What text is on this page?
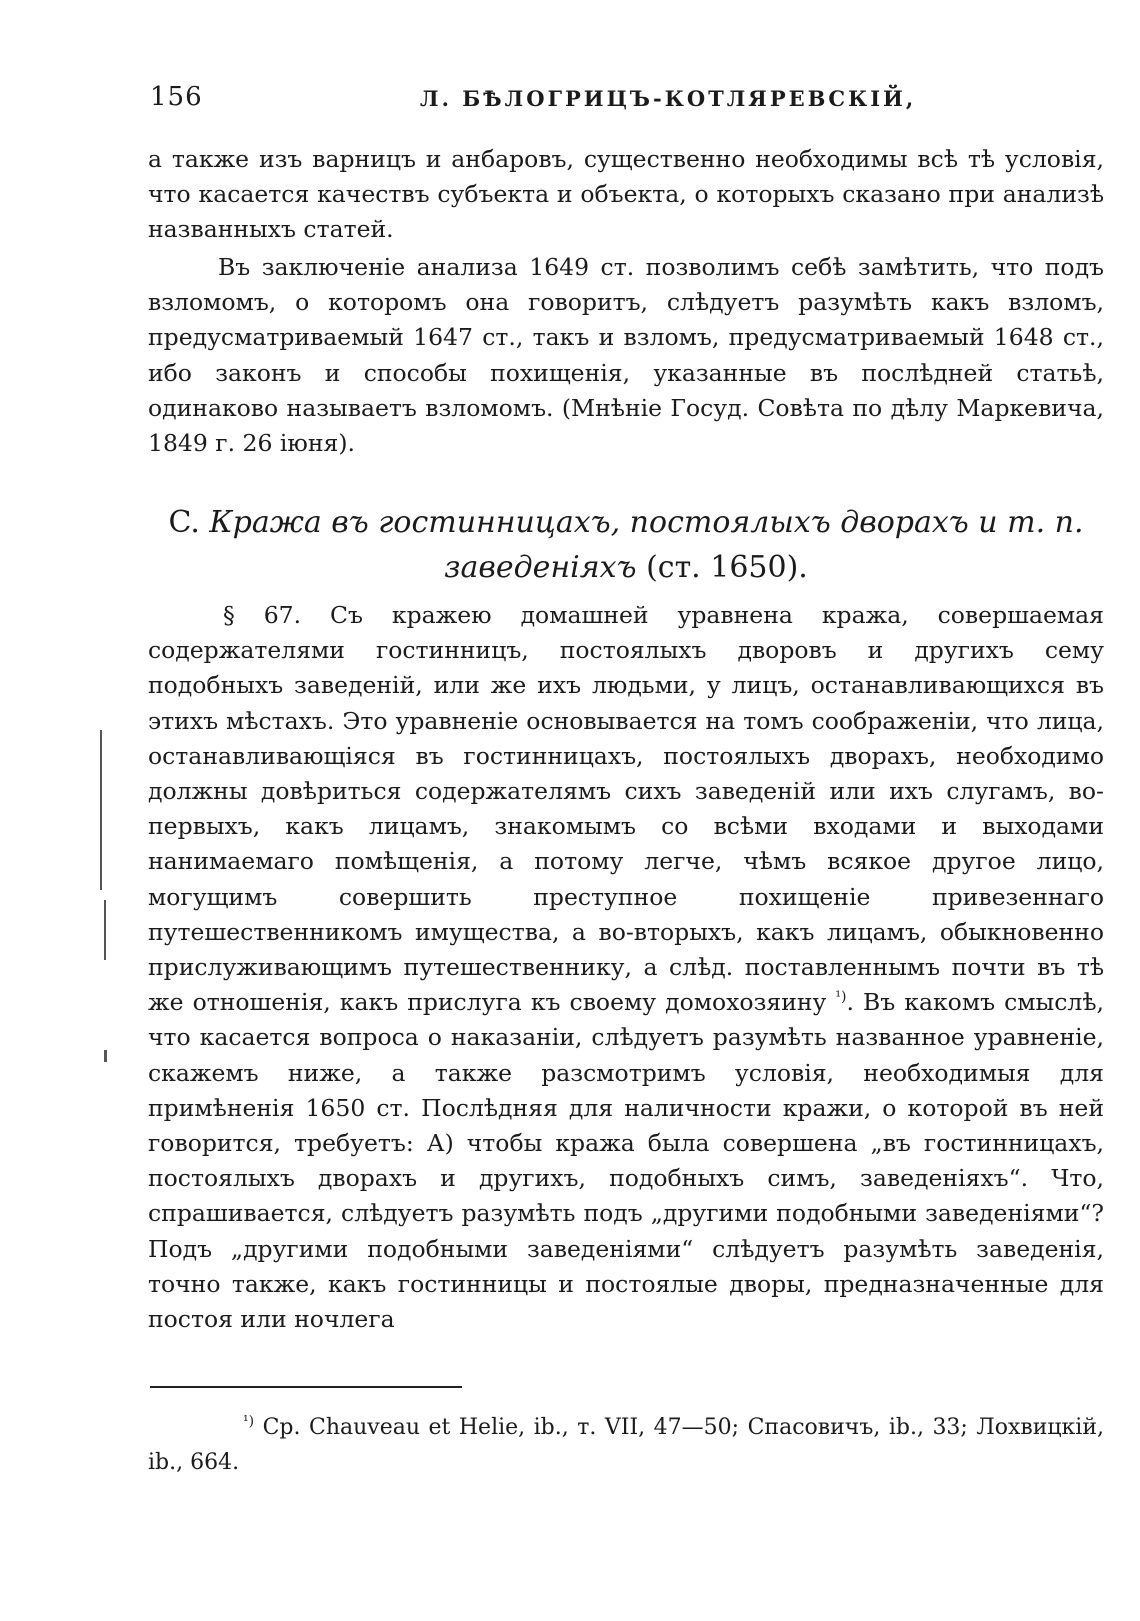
156	Л. БѢЛОГРИЦЪ-КОТЛЯРЕВСКІЙ,
а также изъ варницъ и анбаровъ, существенно необходимы всѣ тѣ условія, что касается качествъ субъекта и объекта, о которыхъ сказано при анализѣ названныхъ статей.
Въ заключеніе анализа 1649 ст. позволимъ себѣ замѣтить, что подъ взломомъ, о которомъ она говоритъ, слѣдуетъ разумѣть какъ взломъ, предусматриваемый 1647 ст., такъ и взломъ, предусматриваемый 1648 ст., ибо законъ и способы похищенія, указанные въ послѣдней статьѣ, одинаково называетъ взломомъ. (Мнѣніе Госуд. Совѣта по дѣлу Маркевича, 1849 г. 26 іюня).
C. Кража въ гостинницахъ, постоялыхъ дворахъ и т. п. заведеніяхъ (ст. 1650).
§ 67. Съ кражею домашней уравнена кража, совершаемая содержателями гостинницъ, постоялыхъ дворовъ и другихъ сему подобныхъ заведеній, или же ихъ людьми, у лицъ, останавливающихся въ этихъ мѣстахъ. Это уравненіе основывается на томъ соображеніи, что лица, останавливающіяся въ гостинницахъ, постоялыхъ дворахъ, необходимо должны довѣриться содержателямъ сихъ заведеній или ихъ слугамъ, во-первыхъ, какъ лицамъ, знакомымъ со всѣми входами и выходами нанимаемаго помѣщенія, а потому легче, чѣмъ всякое другое лицо, могущимъ совершить преступное похищеніе привезеннаго путешественникомъ имущества, а во-вторыхъ, какъ лицамъ, обыкновенно прислуживающимъ путешественнику, а слѣд. поставленнымъ почти въ тѣ же отношенія, какъ прислуга къ своему домохозяину $^{^1)}$. Въ какомъ смыслѣ, что касается вопроса о наказаніи, слѣдуетъ разумѣть названное уравненіе, скажемъ ниже, а также разсмотримъ условія, необходимыя для примѣненія 1650 ст. Послѣдняя для наличности кражи, о которой въ ней говорится, требуетъ: А) чтобы кража была совершена „въ гостинницахъ, постоялыхъ дворахъ и другихъ, подобныхъ симъ, заведеніяхъ“. Что, спрашивается, слѣдуетъ разумѣть подъ „другими подобными заведеніями“? Подъ „другими подобными заведеніями“ слѣдуетъ разумѣть заведенія, точно также, какъ гостинницы и постоялые дворы, предназначенные для постоя или ночлега
$^{^1)}$ Ср. Chauveau et Helie, ib., т. VII, 47—50; Спасовичъ, ib., 33; Лохвицкій, ib., 664.
